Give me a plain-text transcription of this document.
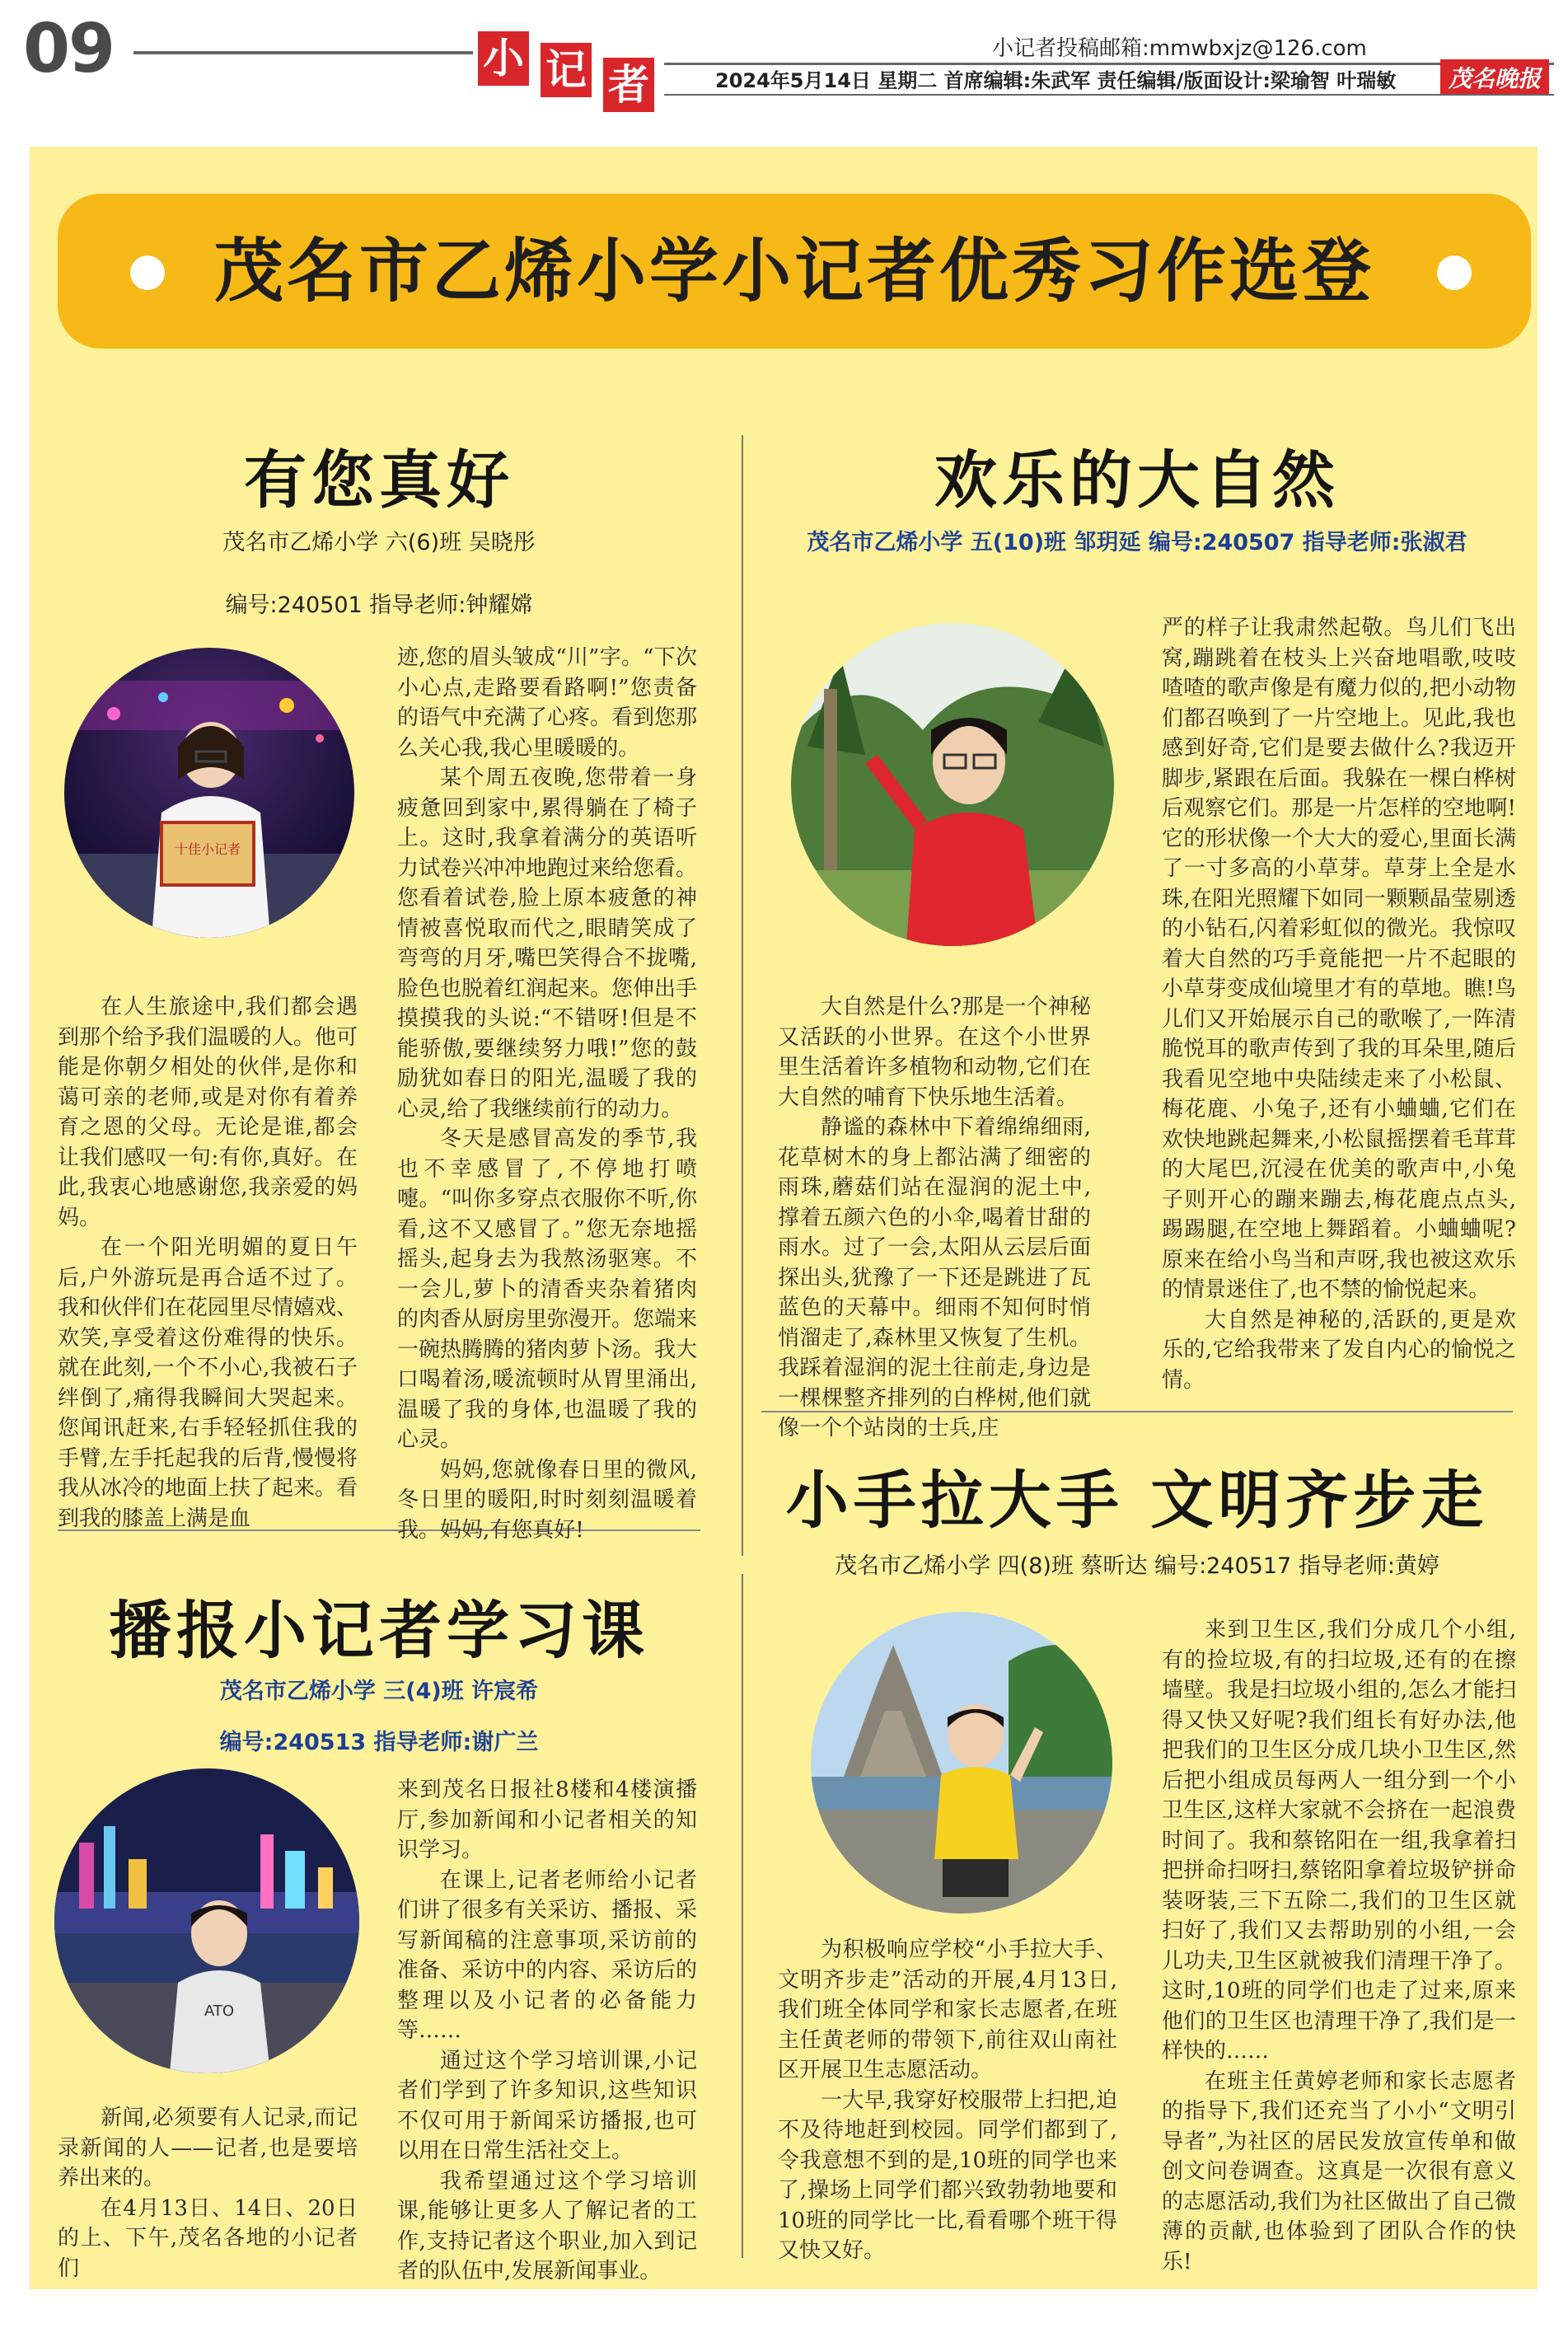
09	小 记 者
小记者投稿邮箱:mmwbxjz@126.com
2024年5月14日 星期二 首席编辑:朱武军 责任编辑/版面设计:梁瑜智 叶瑞敏	茂名晚报
茂名市乙烯小学小记者优秀习作选登
有您真好
茂名市乙烯小学 六(6)班 吴晓彤
编号:240501 指导老师:钟耀嫦
十佳小记者

在人生旅途中,我们都会遇到那个给予我们温暖的人。他可能是你朝夕相处的伙伴,是你和蔼可亲的老师,或是对你有着养育之恩的父母。无论是谁,都会让我们感叹一句:有你,真好。在此,我衷心地感谢您,我亲爱的妈妈。

在一个阳光明媚的夏日午后,户外游玩是再合适不过了。我和伙伴们在花园里尽情嬉戏、欢笑,享受着这份难得的快乐。就在此刻,一个不小心,我被石子绊倒了,痛得我瞬间大哭起来。您闻讯赶来,右手轻轻抓住我的手臂,左手托起我的后背,慢慢将我从冰冷的地面上扶了起来。看到我的膝盖上满是血

迹,您的眉头皱成“川”字。“下次小心点,走路要看路啊!”您责备的语气中充满了心疼。看到您那么关心我,我心里暖暖的。

某个周五夜晚,您带着一身疲惫回到家中,累得躺在了椅子上。这时,我拿着满分的英语听力试卷兴冲冲地跑过来给您看。您看着试卷,脸上原本疲惫的神情被喜悦取而代之,眼睛笑成了弯弯的月牙,嘴巴笑得合不拢嘴,脸色也脱着红润起来。您伸出手摸摸我的头说:“不错呀!但是不能骄傲,要继续努力哦!”您的鼓励犹如春日的阳光,温暖了我的心灵,给了我继续前行的动力。

冬天是感冒高发的季节,我也不幸感冒了,不停地打喷嚏。“叫你多穿点衣服你不听,你看,这不又感冒了。”您无奈地摇摇头,起身去为我熬汤驱寒。不一会儿,萝卜的清香夹杂着猪肉的肉香从厨房里弥漫开。您端来一碗热腾腾的猪肉萝卜汤。我大口喝着汤,暖流顿时从胃里涌出,温暖了我的身体,也温暖了我的心灵。

妈妈,您就像春日里的微风,冬日里的暖阳,时时刻刻温暖着我。妈妈,有您真好!

欢乐的大自然
茂名市乙烯小学 五(10)班 邹玥延 编号:240507 指导老师:张淑君

大自然是什么?那是一个神秘又活跃的小世界。在这个小世界里生活着许多植物和动物,它们在大自然的哺育下快乐地生活着。

静谧的森林中下着绵绵细雨,花草树木的身上都沾满了细密的雨珠,蘑菇们站在湿润的泥土中,撑着五颜六色的小伞,喝着甘甜的雨水。过了一会,太阳从云层后面探出头,犹豫了一下还是跳进了瓦蓝色的天幕中。细雨不知何时悄悄溜走了,森林里又恢复了生机。我踩着湿润的泥土往前走,身边是一棵棵整齐排列的白桦树,他们就像一个个站岗的士兵,庄

严的样子让我肃然起敬。鸟儿们飞出窝,蹦跳着在枝头上兴奋地唱歌,吱吱喳喳的歌声像是有魔力似的,把小动物们都召唤到了一片空地上。见此,我也感到好奇,它们是要去做什么?我迈开脚步,紧跟在后面。我躲在一棵白桦树后观察它们。那是一片怎样的空地啊!它的形状像一个大大的爱心,里面长满了一寸多高的小草芽。草芽上全是水珠,在阳光照耀下如同一颗颗晶莹剔透的小钻石,闪着彩虹似的微光。我惊叹着大自然的巧手竟能把一片不起眼的小草芽变成仙境里才有的草地。瞧!鸟儿们又开始展示自己的歌喉了,一阵清脆悦耳的歌声传到了我的耳朵里,随后我看见空地中央陆续走来了小松鼠、梅花鹿、小兔子,还有小蛐蛐,它们在欢快地跳起舞来,小松鼠摇摆着毛茸茸的大尾巴,沉浸在优美的歌声中,小兔子则开心的蹦来蹦去,梅花鹿点点头,踢踢腿,在空地上舞蹈着。小蛐蛐呢?原来在给小鸟当和声呀,我也被这欢乐的情景迷住了,也不禁的愉悦起来。

大自然是神秘的,活跃的,更是欢乐的,它给我带来了发自内心的愉悦之情。

播报小记者学习课
茂名市乙烯小学 三(4)班 许宸希
编号:240513 指导老师:谢广兰
ATO

新闻,必须要有人记录,而记录新闻的人——记者,也是要培养出来的。

在4月13日、14日、20日的上、下午,茂名各地的小记者们

来到茂名日报社8楼和4楼演播厅,参加新闻和小记者相关的知识学习。

在课上,记者老师给小记者们讲了很多有关采访、播报、采写新闻稿的注意事项,采访前的准备、采访中的内容、采访后的整理以及小记者的必备能力等……

通过这个学习培训课,小记者们学到了许多知识,这些知识不仅可用于新闻采访播报,也可以用在日常生活社交上。

我希望通过这个学习培训课,能够让更多人了解记者的工作,支持记者这个职业,加入到记者的队伍中,发展新闻事业。

小手拉大手 文明齐步走
茂名市乙烯小学 四(8)班 蔡昕达 编号:240517 指导老师:黄婷

为积极响应学校“小手拉大手、文明齐步走”活动的开展,4月13日,我们班全体同学和家长志愿者,在班主任黄老师的带领下,前往双山南社区开展卫生志愿活动。

一大早,我穿好校服带上扫把,迫不及待地赶到校园。同学们都到了,令我意想不到的是,10班的同学也来了,操场上同学们都兴致勃勃地要和10班的同学比一比,看看哪个班干得又快又好。

来到卫生区,我们分成几个小组,有的捡垃圾,有的扫垃圾,还有的在擦墙壁。我是扫垃圾小组的,怎么才能扫得又快又好呢?我们组长有好办法,他把我们的卫生区分成几块小卫生区,然后把小组成员每两人一组分到一个小卫生区,这样大家就不会挤在一起浪费时间了。我和蔡铭阳在一组,我拿着扫把拼命扫呀扫,蔡铭阳拿着垃圾铲拼命装呀装,三下五除二,我们的卫生区就扫好了,我们又去帮助别的小组,一会儿功夫,卫生区就被我们清理干净了。这时,10班的同学们也走了过来,原来他们的卫生区也清理干净了,我们是一样快的……

在班主任黄婷老师和家长志愿者的指导下,我们还充当了小小“文明引导者”,为社区的居民发放宣传单和做创文问卷调查。这真是一次很有意义的志愿活动,我们为社区做出了自己微薄的贡献,也体验到了团队合作的快乐!
